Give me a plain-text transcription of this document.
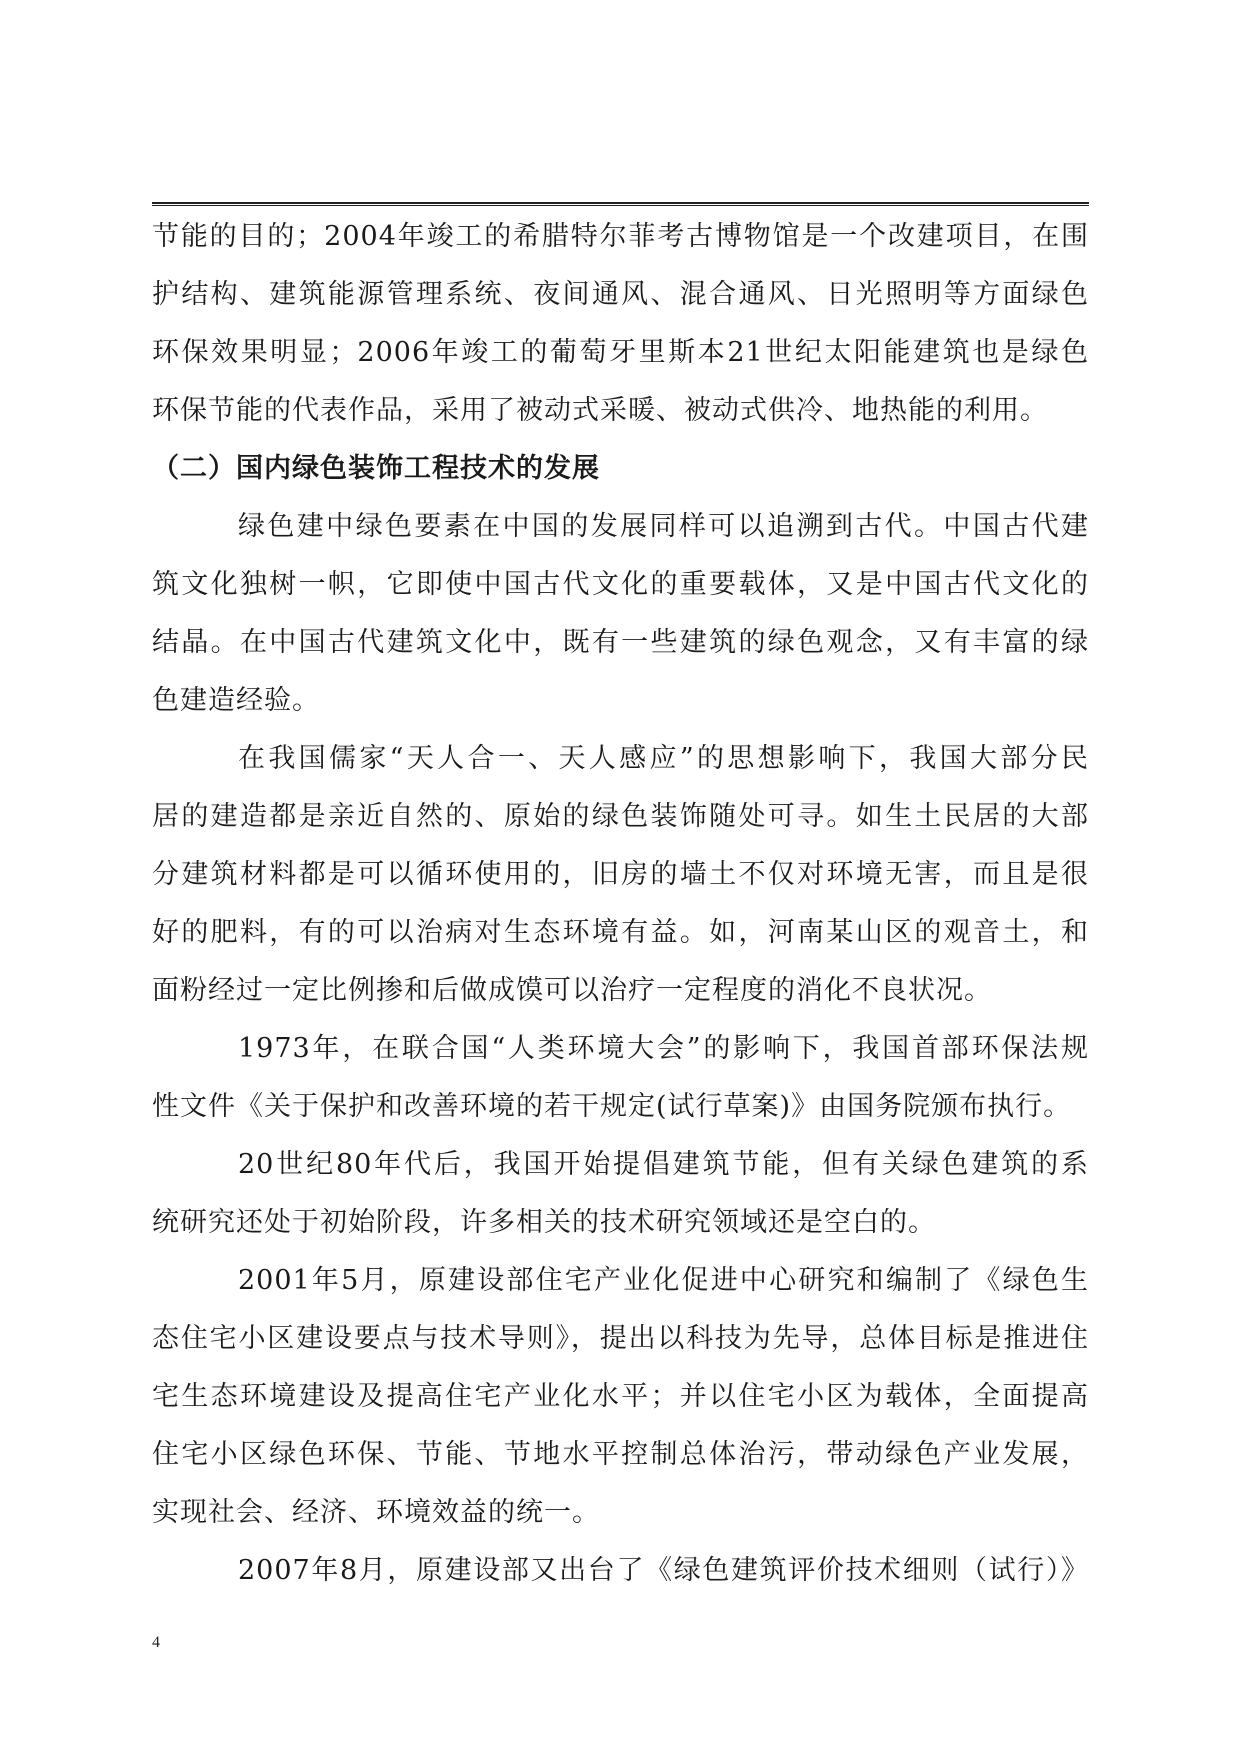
节能的目的；2004年竣工的希腊特尔菲考古博物馆是一个改建项目，在围
护结构、建筑能源管理系统、夜间通风、混合通风、日光照明等方面绿色
环保效果明显；2006年竣工的葡萄牙里斯本21世纪太阳能建筑也是绿色
环保节能的代表作品，采用了被动式采暖、被动式供冷、地热能的利用。
（二）国内绿色装饰工程技术的发展
绿色建中绿色要素在中国的发展同样可以追溯到古代。中国古代建
筑文化独树一帜，它即使中国古代文化的重要载体，又是中国古代文化的
结晶。在中国古代建筑文化中，既有一些建筑的绿色观念，又有丰富的绿
色建造经验。
在我国儒家“天人合一、天人感应”的思想影响下，我国大部分民
居的建造都是亲近自然的、原始的绿色装饰随处可寻。如生土民居的大部
分建筑材料都是可以循环使用的，旧房的墙土不仅对环境无害，而且是很
好的肥料，有的可以治病对生态环境有益。如，河南某山区的观音土，和
面粉经过一定比例掺和后做成馍可以治疗一定程度的消化不良状况。
1973年，在联合国“人类环境大会”的影响下，我国首部环保法规
性文件《关于保护和改善环境的若干规定(试行草案)》由国务院颁布执行。
20世纪80年代后，我国开始提倡建筑节能，但有关绿色建筑的系
统研究还处于初始阶段，许多相关的技术研究领域还是空白的。
2001年5月，原建设部住宅产业化促进中心研究和编制了《绿色生
态住宅小区建设要点与技术导则》，提出以科技为先导，总体目标是推进住
宅生态环境建设及提高住宅产业化水平；并以住宅小区为载体，全面提高
住宅小区绿色环保、节能、节地水平控制总体治污，带动绿色产业发展，
实现社会、经济、环境效益的统一。
2007年8月，原建设部又出台了《绿色建筑评价技术细则（试行）》
4
